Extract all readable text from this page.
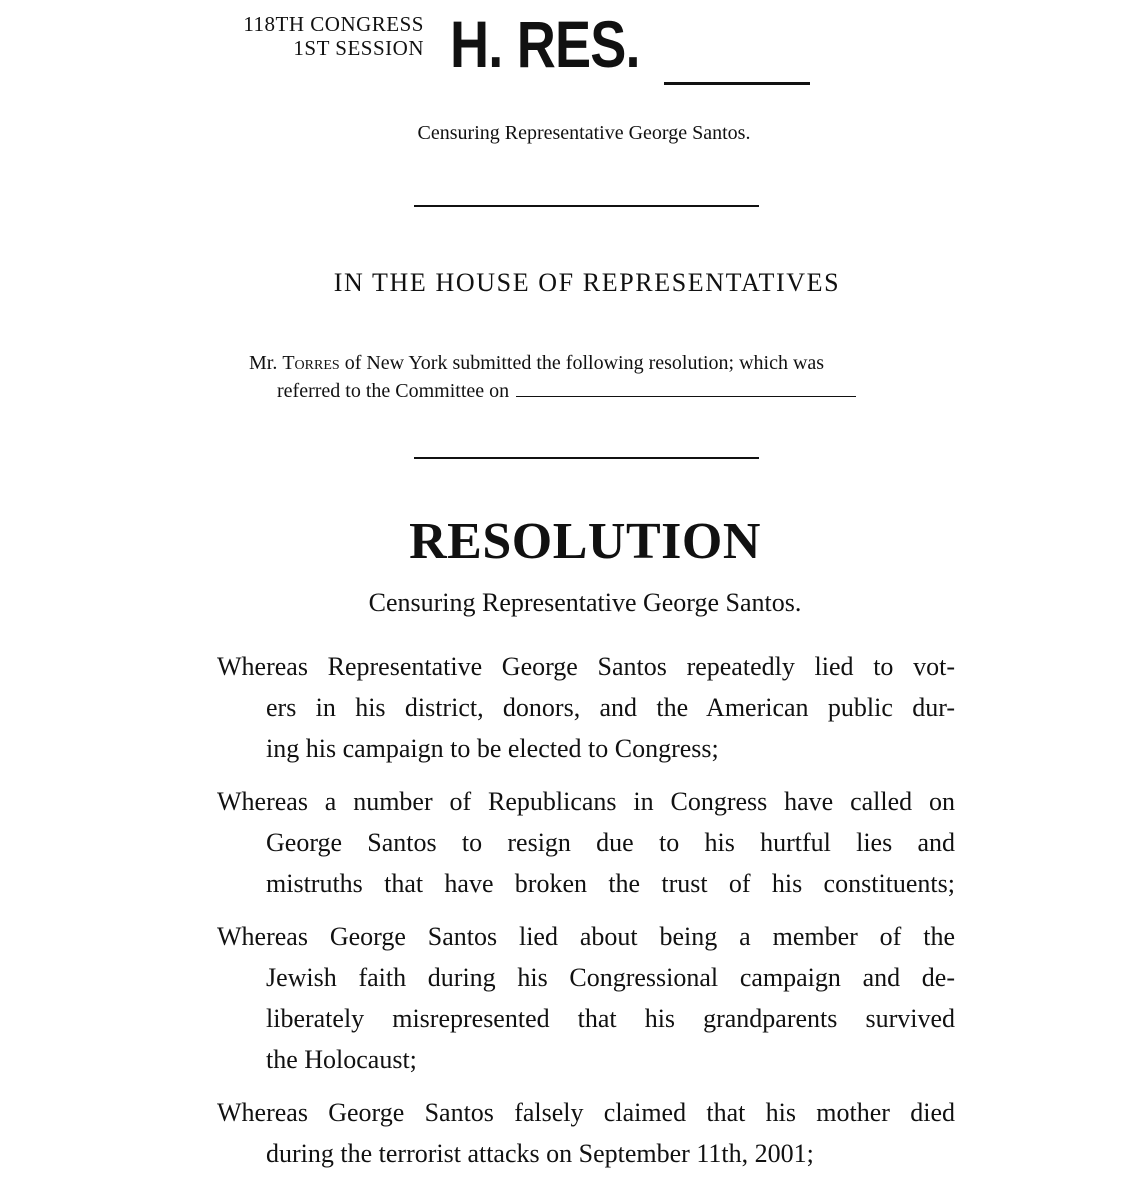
118TH CONGRESS
1ST SESSION H. RES.
Censuring Representative George Santos.
IN THE HOUSE OF REPRESENTATIVES
Mr. Torres of New York submitted the following resolution; which was
referred to the Committee on
RESOLUTION
Censuring Representative George Santos.
Whereas Representative George Santos repeatedly lied to vot-
ers in his district, donors, and the American public dur-
ing his campaign to be elected to Congress;
Whereas a number of Republicans in Congress have called on
George Santos to resign due to his hurtful lies and
mistruths that have broken the trust of his constituents;
Whereas George Santos lied about being a member of the
Jewish faith during his Congressional campaign and de-
liberately misrepresented that his grandparents survived
the Holocaust;
Whereas George Santos falsely claimed that his mother died
during the terrorist attacks on September 11th, 2001;
